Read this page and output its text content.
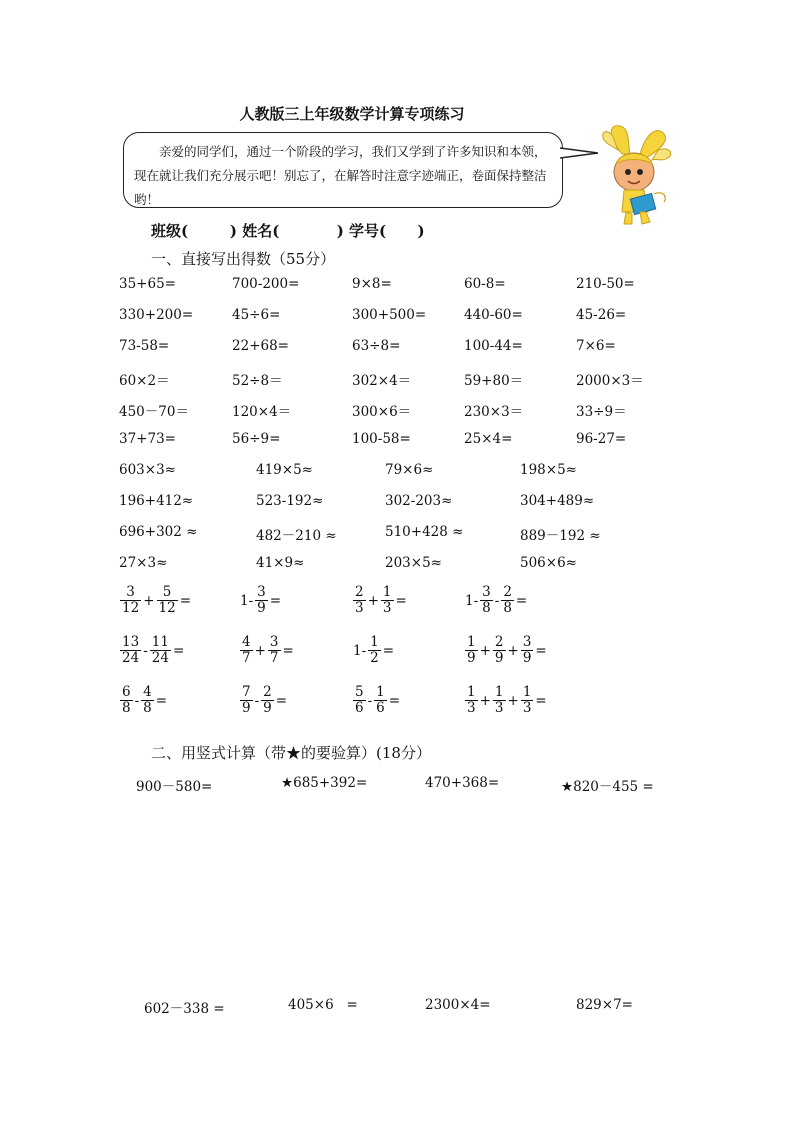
人教版三上年级数学计算专项练习
亲爱的同学们，通过一个阶段的学习，我们又学到了许多知识和本领，现在就让我们充分展示吧！别忘了，在解答时注意字迹端正，卷面保持整洁哟！
班级(        ) 姓名(           ) 学号(      )
一、直接写出得数（55分）
35+65=	700-200=	9×8=	60-8=	210-50=
330+200=	45÷6=	300+500=	440-60=	45-26=
73-58=	22+68=	63÷8=	100-44=	7×6=
60×2＝	52÷8＝	302×4＝	59+80＝	2000×3＝
450－70＝	120×4＝	300×6＝	230×3＝	33÷9＝
37+73=	56÷9=	100-58=	25×4=	96-27=
603×3≈	419×5≈	79×6≈	198×5≈
196+412≈	523-192≈	302-203≈	304+489≈
696+302 ≈	482－210 ≈	510+428 ≈	889－192 ≈
27×3≈	41×9≈	203×5≈	506×6≈
$\frac{3}{12} + \frac{5}{12}$ =	$1- \frac{3}{9}$ =	$\frac{2}{3} + \frac{1}{3}$ =	$1- \frac{3}{8} - \frac{2}{8}$ =
$\frac{13}{24} - \frac{11}{24}$ =	$\frac{4}{7} + \frac{3}{7}$ =	$1- \frac{1}{2}$ =	$\frac{1}{9} + \frac{2}{9} + \frac{3}{9}$ =
$\frac{6}{8} - \frac{4}{8}$ =	$\frac{7}{9} - \frac{2}{9}$ =	$\frac{5}{6} - \frac{1}{6}$ =	$\frac{1}{3} + \frac{1}{3} + \frac{1}{3}$ =
二、用竖式计算（带★的要验算）(18分）
900－580=	★685+392=	470+368=	★820－455 =
602－338 =	405×6   =	2300×4=	829×7=
